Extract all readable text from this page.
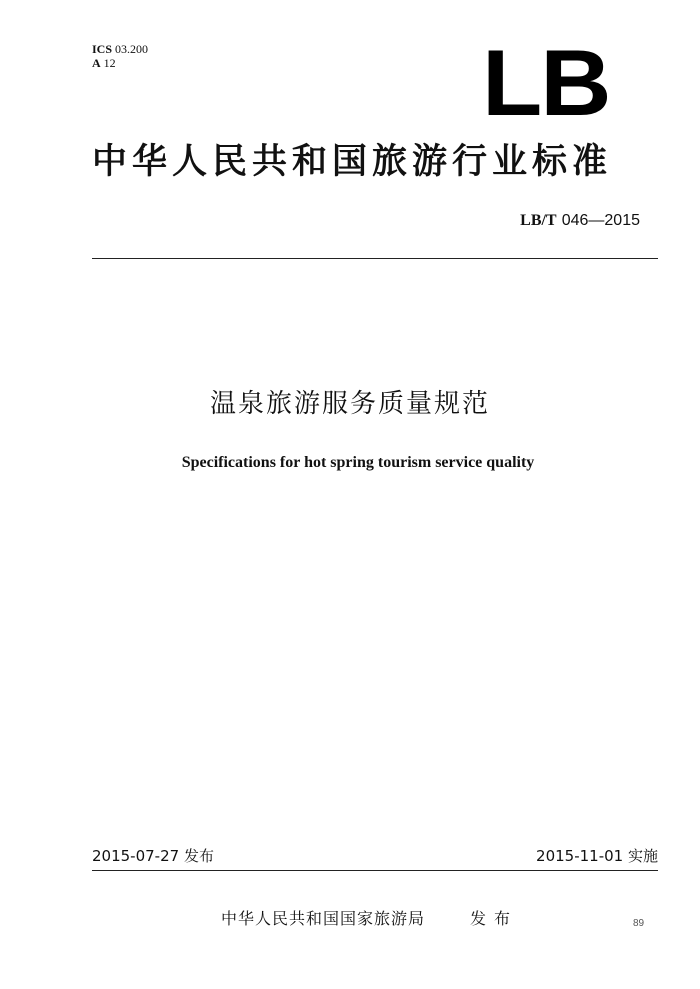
ICS 03.200
A 12	LB
中华人民共和国旅游行业标准
LB/T 046—2015
温泉旅游服务质量规范
Specifications for hot spring tourism service quality
2015-07-27 发布	2015-11-01 实施
中华人民共和国国家旅游局	发布	89
